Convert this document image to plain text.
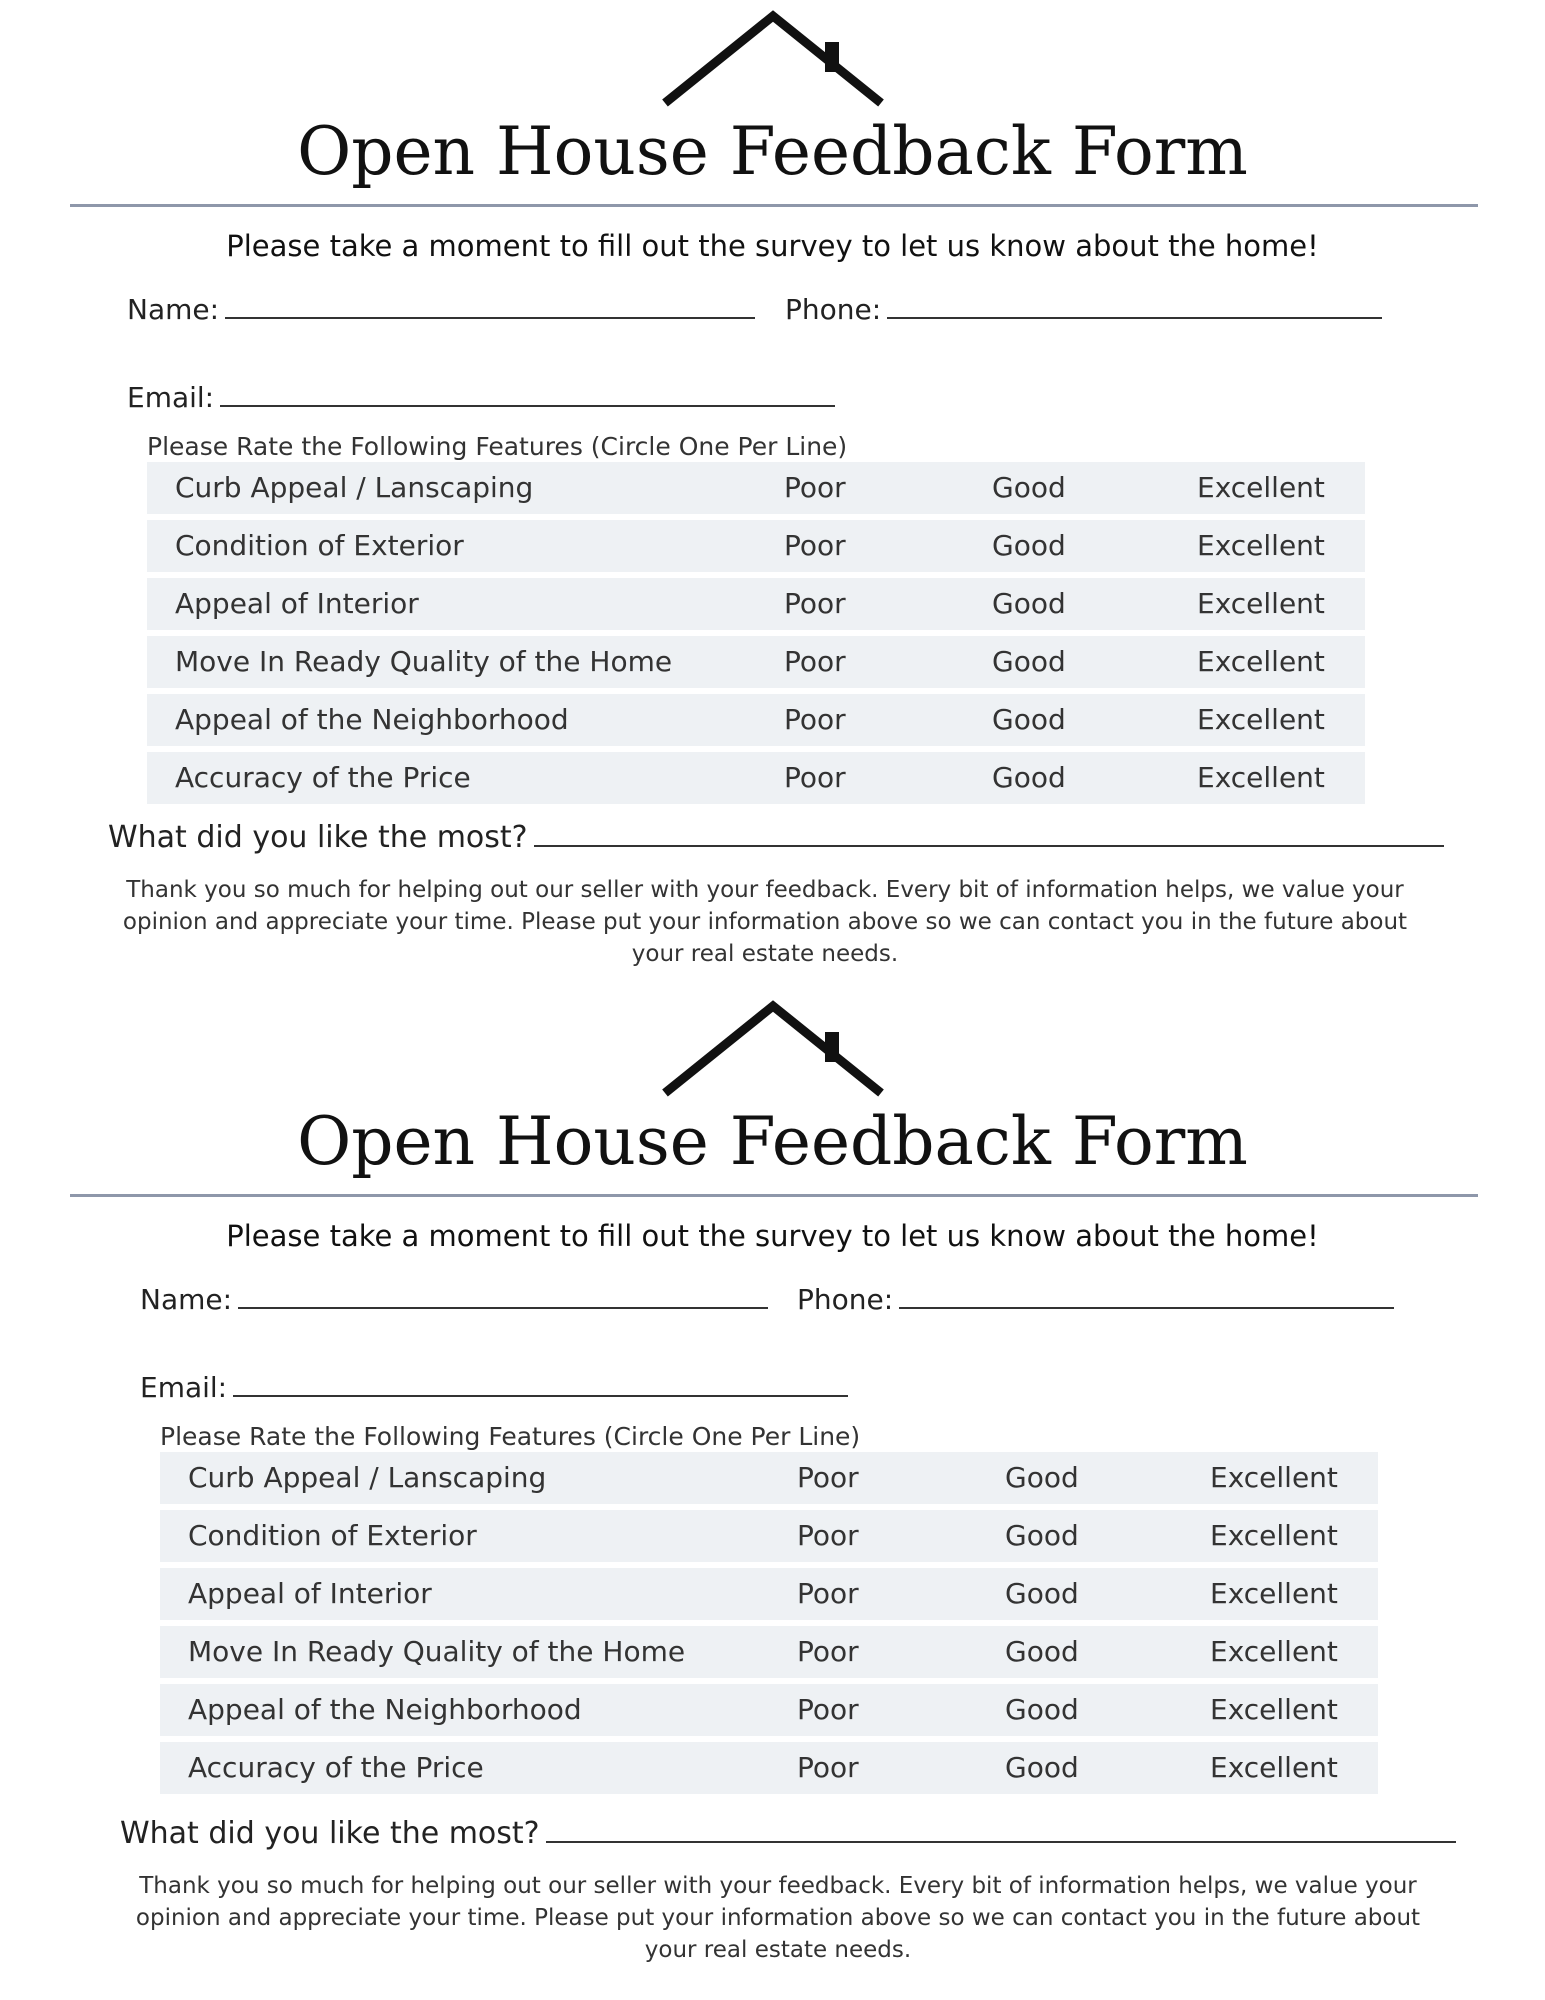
Open House Feedback Form
Please take a moment to fill out the survey to let us know about the home!
Name:	Phone:
Email:
Please Rate the Following Features (Circle One Per Line)
Curb Appeal / Lanscaping	Poor	Good	Excellent
Condition of Exterior	Poor	Good	Excellent
Appeal of Interior	Poor	Good	Excellent
Move In Ready Quality of the Home	Poor	Good	Excellent
Appeal of the Neighborhood	Poor	Good	Excellent
Accuracy of the Price	Poor	Good	Excellent
What did you like the most?
Thank you so much for helping out our seller with your feedback. Every bit of information helps, we value your opinion and appreciate your time. Please put your information above so we can contact you in the future about your real estate needs.
Open House Feedback Form
Please take a moment to fill out the survey to let us know about the home!
Name:	Phone:
Email:
Please Rate the Following Features (Circle One Per Line)
Curb Appeal / Lanscaping	Poor	Good	Excellent
Condition of Exterior	Poor	Good	Excellent
Appeal of Interior	Poor	Good	Excellent
Move In Ready Quality of the Home	Poor	Good	Excellent
Appeal of the Neighborhood	Poor	Good	Excellent
Accuracy of the Price	Poor	Good	Excellent
What did you like the most?
Thank you so much for helping out our seller with your feedback. Every bit of information helps, we value your opinion and appreciate your time. Please put your information above so we can contact you in the future about your real estate needs.
